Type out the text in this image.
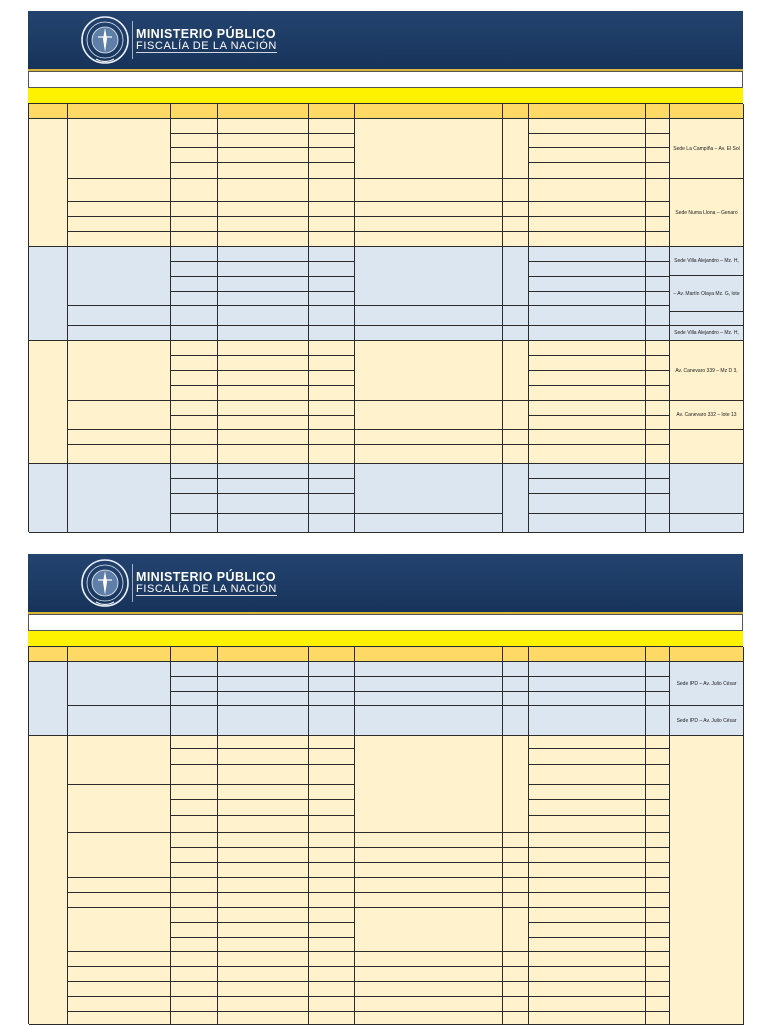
MINISTERIO PÚBLICO
FISCALÍA DE LA NACIÓN
Sede La Campiña – Av. El Sol
Sede Numa Llona – Genaro
Sede Villa Alejandro – Mz. H,
– Av. Martín Olaya Mz. G, lote
Sede Villa Alejandro – Mz. H,
Av. Canevaro 339 – Mz D 3,
Av. Canevaro 332 – lote 13
MINISTERIO PÚBLICO
FISCALÍA DE LA NACIÓN
Sede IPD – Av. Julio César
Sede IPD – Av. Julio César
